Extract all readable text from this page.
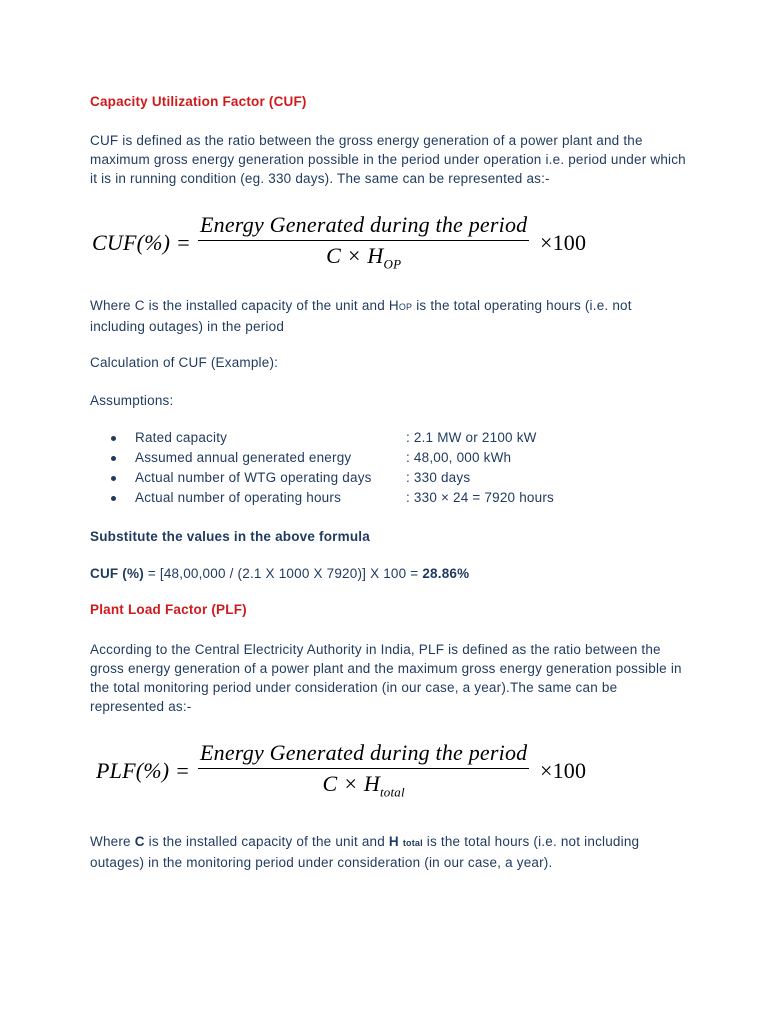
Capacity Utilization Factor (CUF)
CUF is defined as the ratio between the gross energy generation of a power plant and the maximum gross energy generation possible in the period under operation i.e. period under which it is in running condition (eg. 330 days). The same can be represented as:-
CUF(%) =
Energy Generated during the period
$C \times H_{OP}$
×100
Where C is the installed capacity of the unit and HOP is the total operating hours (i.e. not including outages) in the period
Calculation of CUF (Example):
Assumptions:
Rated capacity	: 2.1 MW or 2100 kW
Assumed annual generated energy	: 48,00, 000 kWh
Actual number of WTG operating days	: 330 days
Actual number of operating hours	: 330 × 24 = 7920 hours
Substitute the values in the above formula
CUF (%) = [48,00,000 / (2.1 X 1000 X 7920)] X 100 = 28.86%
Plant Load Factor (PLF)
According to the Central Electricity Authority in India, PLF is defined as the ratio between the gross energy generation of a power plant and the maximum gross energy generation possible in the total monitoring period under consideration (in our case, a year).The same can be represented as:-
PLF(%) =
Energy Generated during the period
$C \times H_{total}$
×100
Where C is the installed capacity of the unit and H total is the total hours (i.e. not including outages) in the monitoring period under consideration (in our case, a year).
